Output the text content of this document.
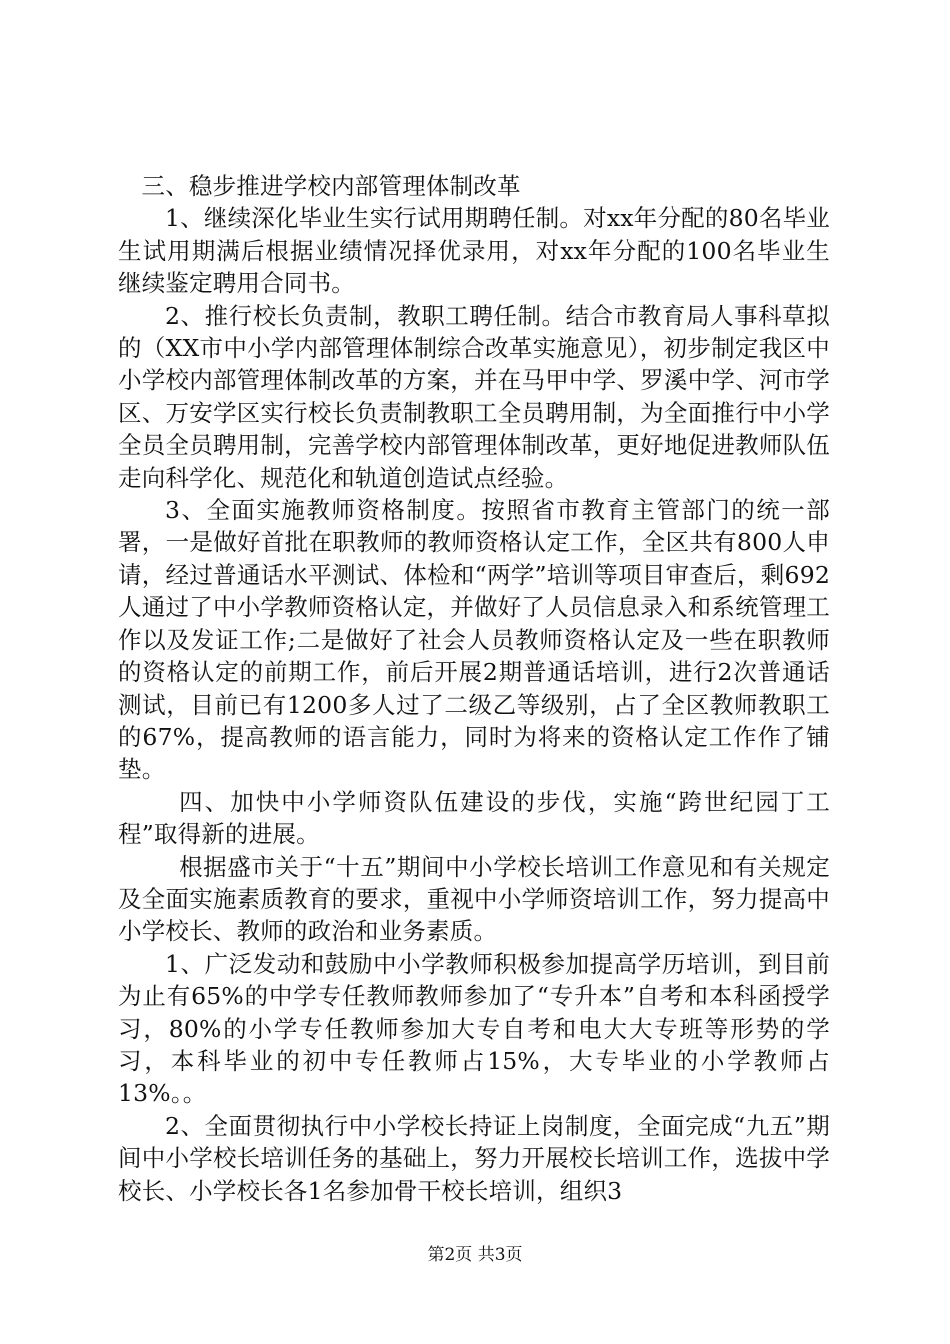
三、稳步推进学校内部管理体制改革

1、继续深化毕业生实行试用期聘任制。对xx年分配的80名毕业生试用期满后根据业绩情况择优录用，对xx年分配的100名毕业生继续鉴定聘用合同书。

2、推行校长负责制，教职工聘任制。结合市教育局人事科草拟的（XX市中小学内部管理体制综合改革实施意见），初步制定我区中小学校内部管理体制改革的方案，并在马甲中学、罗溪中学、河市学区、万安学区实行校长负责制教职工全员聘用制，为全面推行中小学全员全员聘用制，完善学校内部管理体制改革，更好地促进教师队伍走向科学化、规范化和轨道创造试点经验。

3、全面实施教师资格制度。按照省市教育主管部门的统一部署，一是做好首批在职教师的教师资格认定工作，全区共有800人申请，经过普通话水平测试、体检和“两学”培训等项目审查后，剩692人通过了中小学教师资格认定，并做好了人员信息录入和系统管理工作以及发证工作;二是做好了社会人员教师资格认定及一些在职教师的资格认定的前期工作，前后开展2期普通话培训，进行2次普通话测试，目前已有1200多人过了二级乙等级别，占了全区教师教职工的67%，提高教师的语言能力，同时为将来的资格认定工作作了铺垫。

四、加快中小学师资队伍建设的步伐，实施“跨世纪园丁工程”取得新的进展。

根据盛市关于“十五”期间中小学校长培训工作意见和有关规定及全面实施素质教育的要求，重视中小学师资培训工作，努力提高中小学校长、教师的政治和业务素质。

1、广泛发动和鼓励中小学教师积极参加提高学历培训，到目前为止有65%的中学专任教师教师参加了“专升本”自考和本科函授学习，80%的小学专任教师参加大专自考和电大大专班等形势的学习，本科毕业的初中专任教师占15%，大专毕业的小学教师占13%。。

2、全面贯彻执行中小学校长持证上岗制度，全面完成“九五”期间中小学校长培训任务的基础上，努力开展校长培训工作，选拔中学校长、小学校长各1名参加骨干校长培训，组织3

第2页 共3页
